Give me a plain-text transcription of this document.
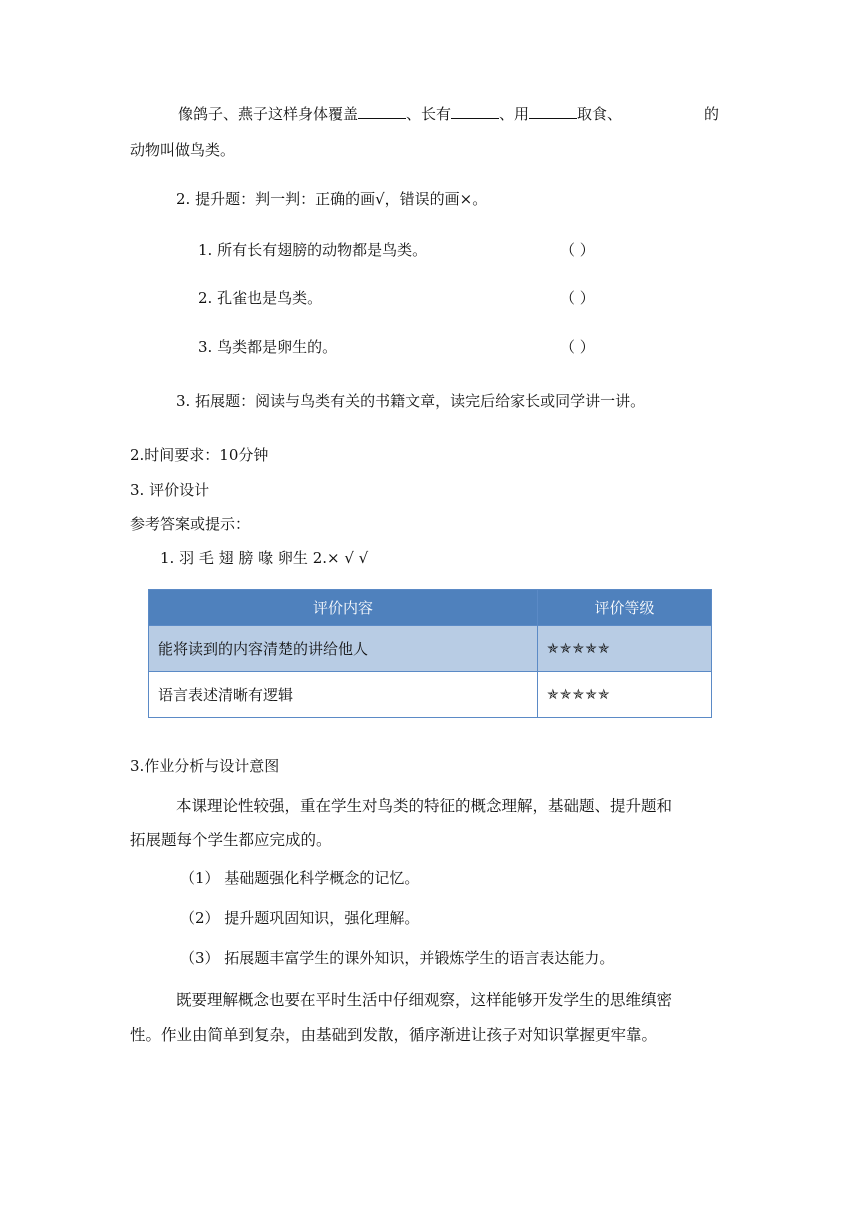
像鸽子、燕子这样身体覆盖	、长有	、用	取食、	的
动物叫做鸟类。
2. 提升题：判一判：正确的画√，错误的画×。
1. 所有长有翅膀的动物都是鸟类。	（ ）
2. 孔雀也是鸟类。	（ ）
3. 鸟类都是卵生的。	（ ）
3. 拓展题：阅读与鸟类有关的书籍文章，读完后给家长或同学讲一讲。
2.时间要求：10分钟
3. 评价设计
参考答案或提示：
1. 羽 毛 翅 膀 喙 卵生 2.× √ √
评价内容	评价等级
能将读到的内容清楚的讲给他人	✯✯✯✯✯
语言表述清晰有逻辑	✯✯✯✯✯
3.作业分析与设计意图
本课理论性较强，重在学生对鸟类的特征的概念理解，基础题、提升题和
拓展题每个学生都应完成的。
（1） 基础题强化科学概念的记忆。
（2） 提升题巩固知识，强化理解。
（3） 拓展题丰富学生的课外知识，并锻炼学生的语言表达能力。
既要理解概念也要在平时生活中仔细观察，这样能够开发学生的思维缜密
性。作业由简单到复杂，由基础到发散，循序渐进让孩子对知识掌握更牢靠。
